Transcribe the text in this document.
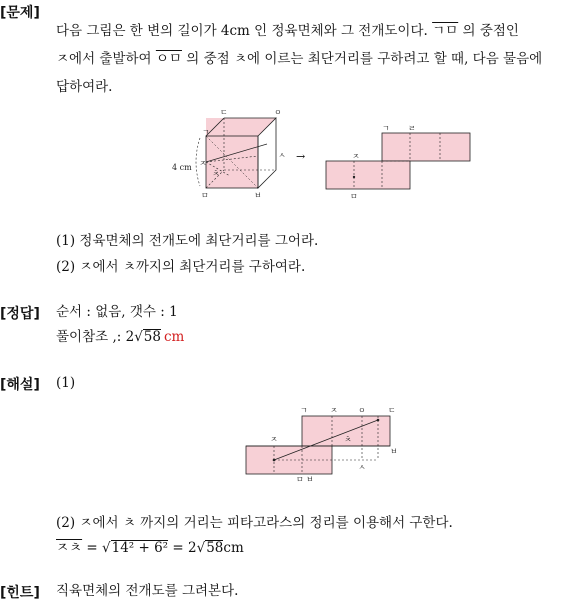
[문제]
다음 그림은 한 변의 길이가 4cm 인 정육면체와 그 전개도이다. ㄱㅁ 의 중점인
ㅈ에서 출발하여 ㅇㅁ 의 중점 ㅊ에 이르는 최단거리를 구하려고 할 때, 다음 물음에
답하여라.
ㄷ	ㅇ
ㄱ
ㅈ
ㅊ
ㅅ
ㅁ	ㅂ
4 cm
→
ㄱ ㄹ
ㅈ
ㅁ
(1) 정육면체의 전개도에 최단거리를 그어라.
(2) ㅈ에서 ㅊ까지의 최단거리를 구하여라.
[정답] 순서 : 없음, 갯수 : 1
풀이참조 ,: 2√58 cm
[해설] (1)
ㄱ	ㅈ	ㅇ	ㄷ
ㅈ	ㅊ
ㅅ
ㅂ
ㅁ ㅂ
(2) ㅈ에서 ㅊ 까지의 거리는 피타고라스의 정리를 이용해서 구한다.
ㅈㅊ = √14² + 6² = 2√58cm
[힌트] 직육면체의 전개도를 그려본다.
